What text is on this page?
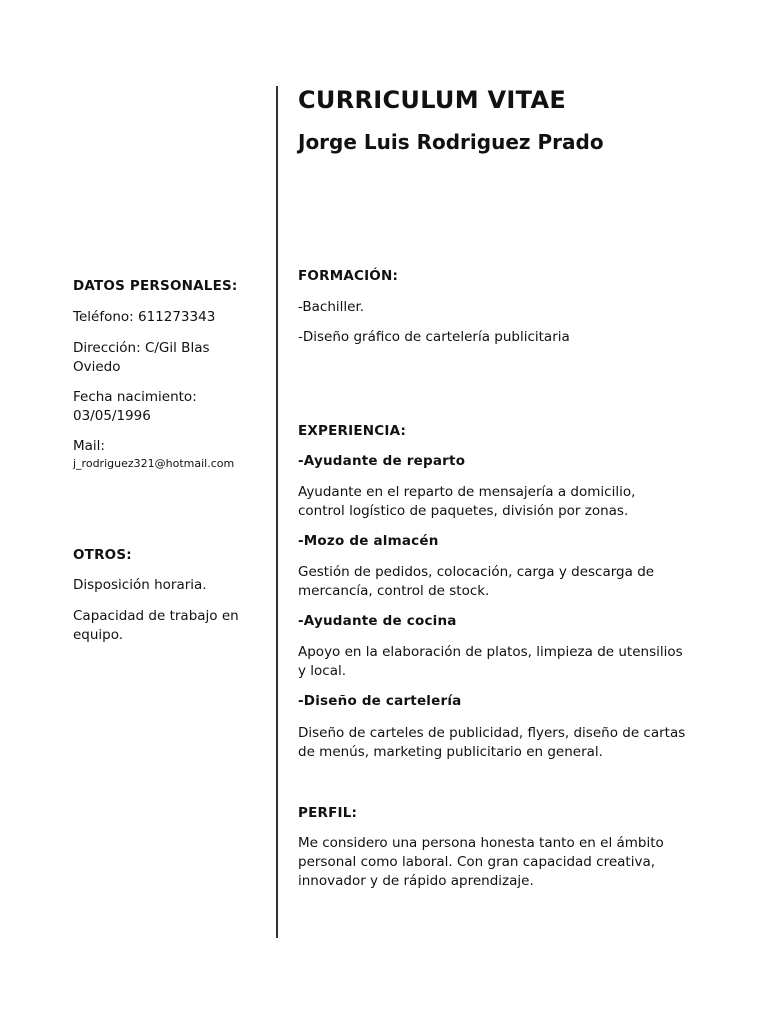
CURRICULUM VITAE
Jorge Luis Rodriguez Prado
DATOS PERSONALES:
Teléfono: 611273343
Dirección: C/Gil Blas
Oviedo
Fecha nacimiento:
03/05/1996
Mail:
j_rodriguez321@hotmail.com
OTROS:
Disposición horaria.
Capacidad de trabajo en
equipo.
FORMACIÓN:
-Bachiller.
-Diseño gráfico de cartelería publicitaria
EXPERIENCIA:
-Ayudante de reparto
Ayudante en el reparto de mensajería a domicilio,
control logístico de paquetes, división por zonas.
-Mozo de almacén
Gestión de pedidos, colocación, carga y descarga de
mercancía, control de stock.
-Ayudante de cocina
Apoyo en la elaboración de platos, limpieza de utensilios
y local.
-Diseño de cartelería
Diseño de carteles de publicidad, flyers, diseño de cartas
de menús, marketing publicitario en general.
PERFIL:
Me considero una persona honesta tanto en el ámbito
personal como laboral. Con gran capacidad creativa,
innovador y de rápido aprendizaje.
